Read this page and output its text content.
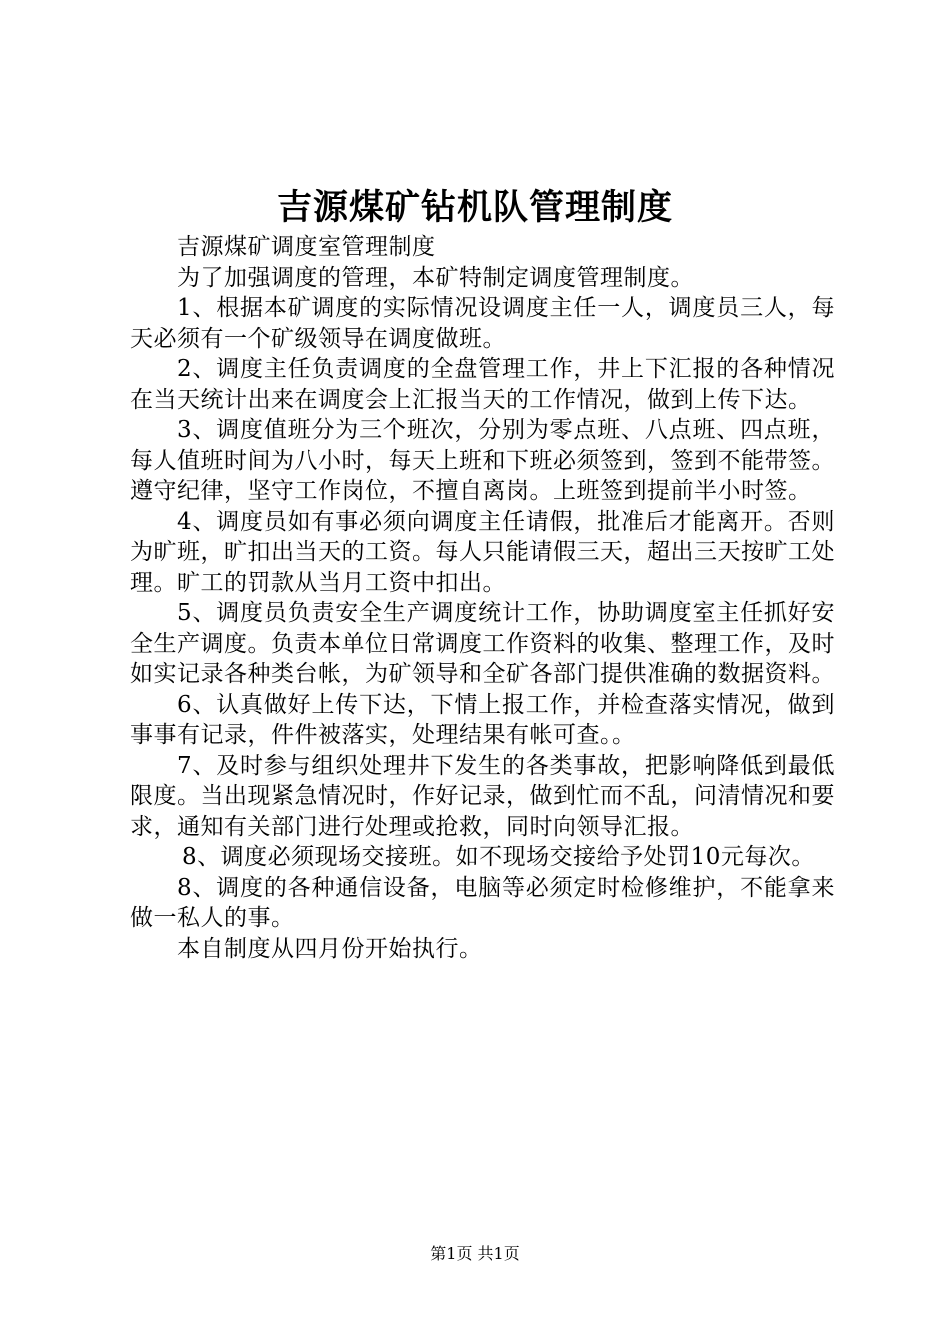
吉源煤矿钻机队管理制度

吉源煤矿调度室管理制度

为了加强调度的管理，本矿特制定调度管理制度。

1、根据本矿调度的实际情况设调度主任一人，调度员三人，每天必须有一个矿级领导在调度做班。

2、调度主任负责调度的全盘管理工作，井上下汇报的各种情况在当天统计出来在调度会上汇报当天的工作情况，做到上传下达。

3、调度值班分为三个班次，分别为零点班、八点班、四点班，每人值班时间为八小时，每天上班和下班必须签到，签到不能带签。遵守纪律，坚守工作岗位，不擅自离岗。上班签到提前半小时签。

4、调度员如有事必须向调度主任请假，批准后才能离开。否则为旷班，旷扣出当天的工资。每人只能请假三天，超出三天按旷工处理。旷工的罚款从当月工资中扣出。

5、调度员负责安全生产调度统计工作，协助调度室主任抓好安全生产调度。负责本单位日常调度工作资料的收集、整理工作，及时如实记录各种类台帐，为矿领导和全矿各部门提供准确的数据资料。

6、认真做好上传下达，下情上报工作，并检查落实情况，做到事事有记录，件件被落实，处理结果有帐可查。。

7、及时参与组织处理井下发生的各类事故，把影响降低到最低限度。当出现紧急情况时，作好记录，做到忙而不乱，问清情况和要求，通知有关部门进行处理或抢救，同时向领导汇报。

8、调度必须现场交接班。如不现场交接给予处罚10元每次。

8、调度的各种通信设备，电脑等必须定时检修维护，不能拿来做一私人的事。

本自制度从四月份开始执行。

第1页 共1页
